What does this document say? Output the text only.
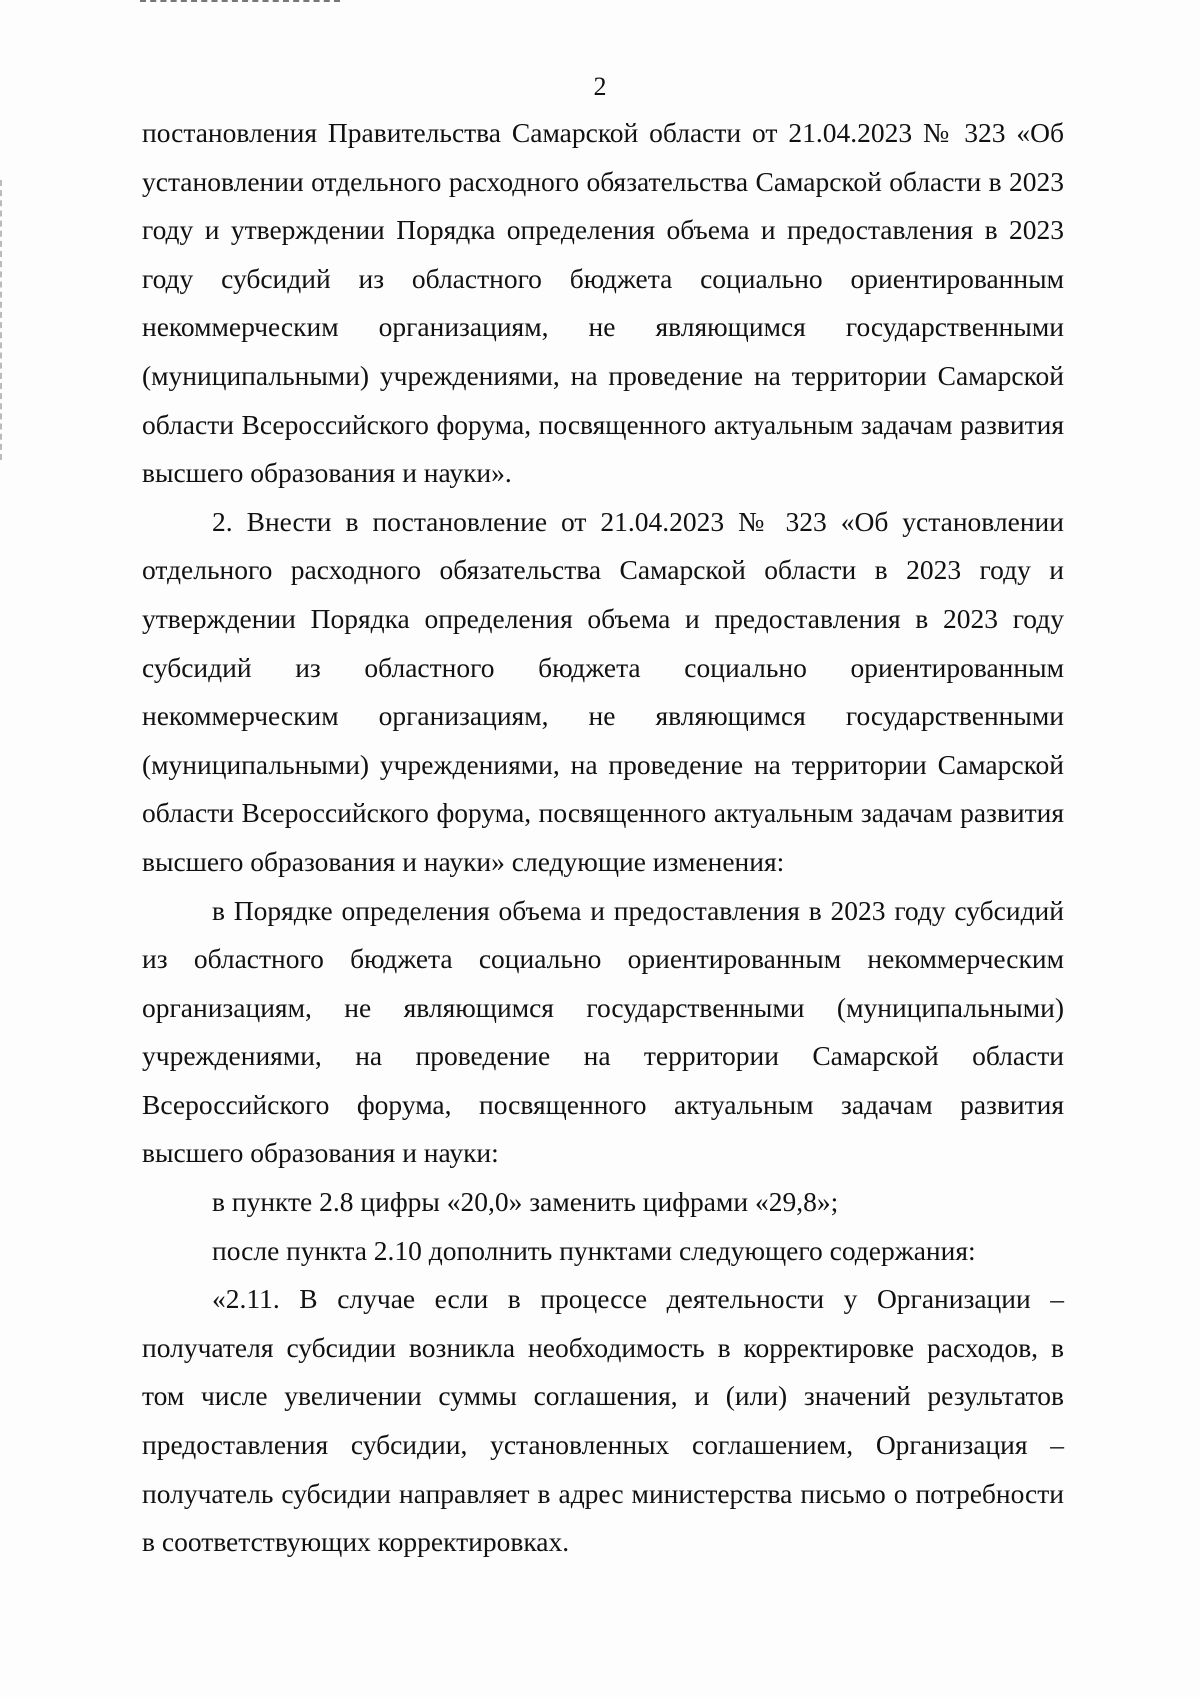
2

постановления Правительства Самарской области от 21.04.2023 № 323 «Об установлении отдельного расходного обязательства Самарской области в 2023 году и утверждении Порядка определения объема и предоставления в 2023 году субсидий из областного бюджета социально ориентированным некоммерческим организациям, не являющимся государственными (муниципальными) учреждениями, на проведение на территории Самарской области Всероссийского форума, посвященного актуальным задачам развития высшего образования и науки».

2. Внести в постановление от 21.04.2023 № 323 «Об установлении отдельного расходного обязательства Самарской области в 2023 году и утверждении Порядка определения объема и предоставления в 2023 году субсидий из областного бюджета социально ориентированным некоммерческим организациям, не являющимся государственными (муниципальными) учреждениями, на проведение на территории Самарской области Всероссийского форума, посвященного актуальным задачам развития высшего образования и науки» следующие изменения:

в Порядке определения объема и предоставления в 2023 году субсидий из областного бюджета социально ориентированным некоммерческим организациям, не являющимся государственными (муниципальными) учреждениями, на проведение на территории Самарской области Всероссийского форума, посвященного актуальным задачам развития высшего образования и науки:

в пункте 2.8 цифры «20,0» заменить цифрами «29,8»;

после пункта 2.10 дополнить пунктами следующего содержания:

«2.11. В случае если в процессе деятельности у Организации – получателя субсидии возникла необходимость в корректировке расходов, в том числе увеличении суммы соглашения, и (или) значений результатов предоставления субсидии, установленных соглашением, Организация – получатель субсидии направляет в адрес министерства письмо о потребности в соответствующих корректировках.
